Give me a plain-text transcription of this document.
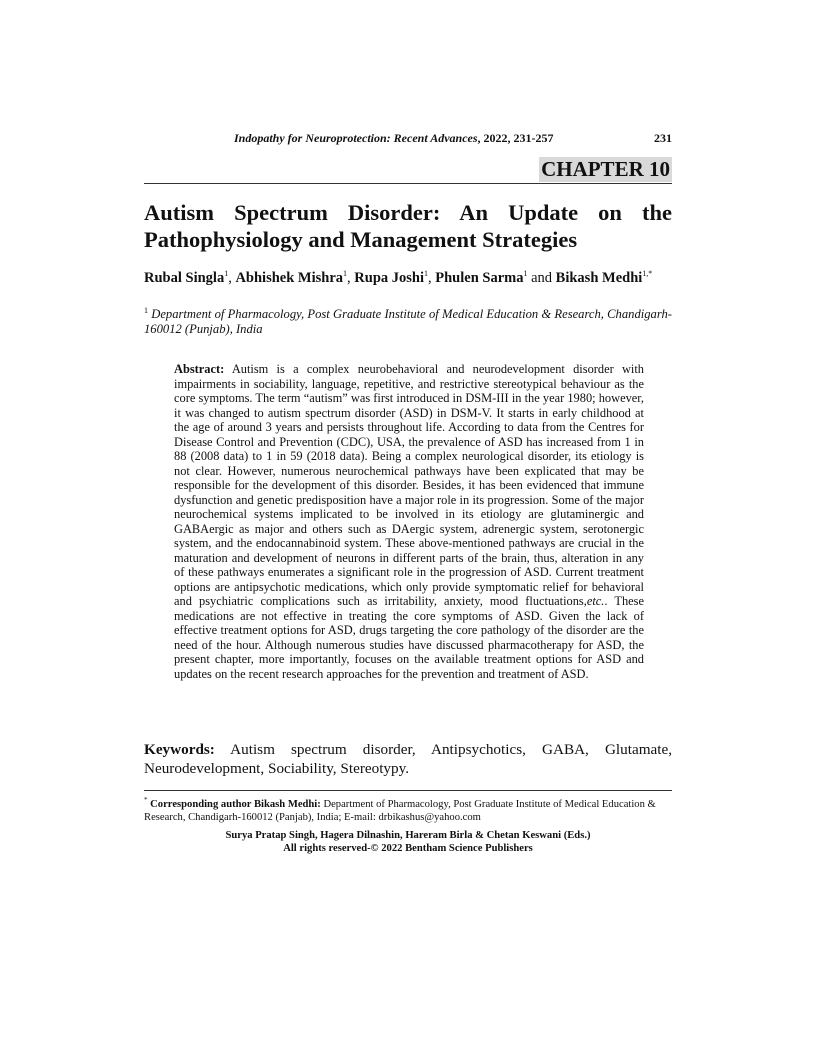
Indopathy for Neuroprotection: Recent Advances, 2022, 231-257	231
CHAPTER 10
Autism Spectrum Disorder: An Update on the Pathophysiology and Management Strategies
Rubal Singla$^1$, Abhishek Mishra$^1$, Rupa Joshi$^1$, Phulen Sarma$^1$ and Bikash Medhi$^{1,*}$
$^1$ Department of Pharmacology, Post Graduate Institute of Medical Education & Research, Chandigarh-160012 (Punjab), India
Abstract: Autism is a complex neurobehavioral and neurodevelopment disorder with impairments in sociability, language, repetitive, and restrictive stereotypical behaviour as the core symptoms. The term “autism” was first introduced in DSM-III in the year 1980; however, it was changed to autism spectrum disorder (ASD) in DSM-V. It starts in early childhood at the age of around 3 years and persists throughout life. According to data from the Centres for Disease Control and Prevention (CDC), USA, the prevalence of ASD has increased from 1 in 88 (2008 data) to 1 in 59 (2018 data). Being a complex neurological disorder, its etiology is not clear. However, numerous neurochemical pathways have been explicated that may be responsible for the development of this disorder. Besides, it has been evidenced that immune dysfunction and genetic predisposition have a major role in its progression. Some of the major neurochemical systems implicated to be involved in its etiology are glutaminergic and GABAergic as major and others such as DAergic system, adrenergic system, serotonergic system, and the endocannabinoid system. These above-mentioned pathways are crucial in the maturation and development of neurons in different parts of the brain, thus, alteration in any of these pathways enumerates a significant role in the progression of ASD. Current treatment options are antipsychotic medications, which only provide symptomatic relief for behavioral and psychiatric complications such as irritability, anxiety, mood fluctuations,etc.. These medications are not effective in treating the core symptoms of ASD. Given the lack of effective treatment options for ASD, drugs targeting the core pathology of the disorder are the need of the hour. Although numerous studies have discussed pharmacotherapy for ASD, the present chapter, more importantly, focuses on the available treatment options for ASD and updates on the recent research approaches for the prevention and treatment of ASD.
Keywords: Autism spectrum disorder, Antipsychotics, GABA, Glutamate, Neurodevelopment, Sociability, Stereotypy.
* Corresponding author Bikash Medhi: Department of Pharmacology, Post Graduate Institute of Medical Education & Research, Chandigarh-160012 (Panjab), India; E-mail: drbikashus@yahoo.com
Surya Pratap Singh, Hagera Dilnashin, Hareram Birla & Chetan Keswani (Eds.)
All rights reserved-© 2022 Bentham Science Publishers
